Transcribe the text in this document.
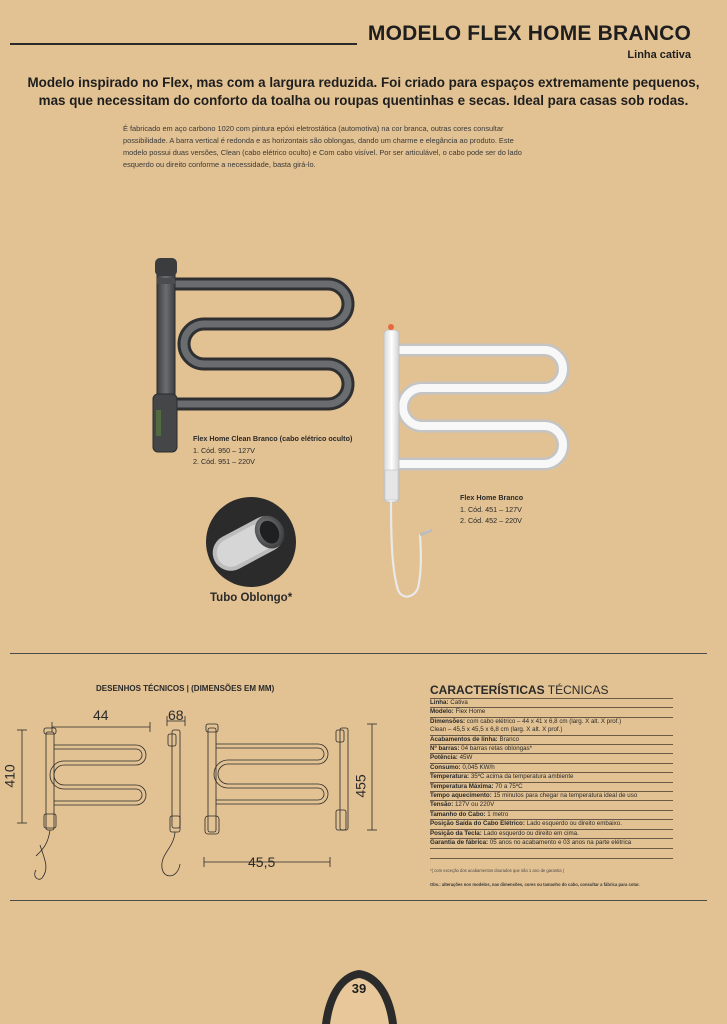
MODELO FLEX HOME BRANCO
Linha cativa
Modelo inspirado no Flex, mas com a largura reduzida. Foi criado para espaços extremamente pequenos,
mas que necessitam do conforto da toalha ou roupas quentinhas e secas. Ideal para casas sob rodas.
É fabricado em aço carbono 1020 com pintura epóxi eletrostática (automotiva) na cor branca, outras cores consultar
possibilidade. A barra vertical é redonda e as horizontais são oblongas, dando um charme e elegância ao produto. Este
modelo possui duas versões, Clean (cabo elétrico oculto) e Com cabo visível. Por ser articulável, o cabo pode ser do lado
esquerdo ou direito conforme a necessidade, basta girá-lo.
Flex Home Clean Branco (cabo elétrico oculto)
1. Cód. 950 – 127V
2. Cód. 951 – 220V
Flex Home Branco
1. Cód. 451 – 127V
2. Cód. 452 – 220V
Tubo Oblongo*
DESENHOS TÉCNICOS | (DIMENSÕES EM MM)
44	68
410	455
45,5
CARACTERÍSTICAS TÉCNICAS
Linha: Cativa
Modelo: Flex Home
Dimensões: com cabo elétrico – 44 x 41 x 6,8 cm (larg. X alt. X prof.)
Clean – 45,5 x 45,5 x 6,8 cm (larg. X alt. X prof.)
Acabamentos de linha: Branco
Nº barras: 04 barras retas oblongas*
Potência: 45W
Consumo: 0,045 KW/h
Temperatura: 35ºC acima da temperatura ambiente
Temperatura Máxima: 70 a 75ºC
Tempo aquecimento: 15 minutos para chegar na temperatura ideal de uso
Tensão: 127V ou 220V
Tamanho do Cabo: 1 metro
Posição Saída do Cabo Elétrico: Lado esquerdo ou direito embaixo.
Posição da Tecla: Lado esquerdo ou direito em cima.
Garantia de fábrica: 05 anos no acabamento e 03 anos na parte elétrica
*( com exceção dos acabamentos dourados que são 1 ano de garantia )
Obs.: alterações nos modelos, nas dimensões, cores ou tamanho do cabo, consultar a fábrica para cotar.
39
